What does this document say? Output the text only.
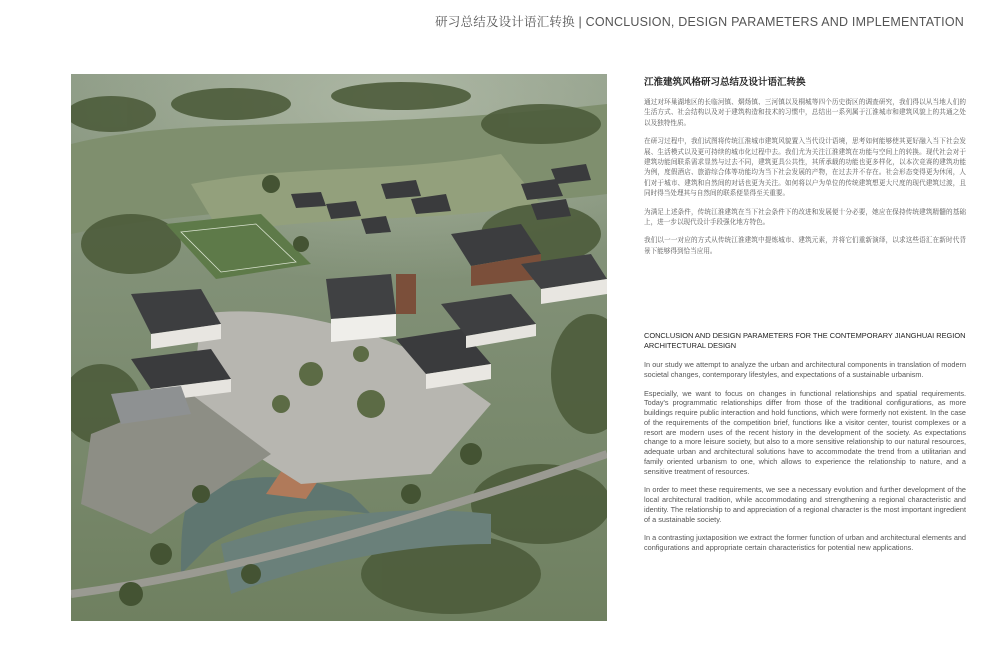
研习总结及设计语汇转换 | CONCLUSION, DESIGN PARAMETERS AND IMPLEMENTATION
江淮建筑风格研习总结及设计语汇转换

通过对环巢湖地区的长临河镇、烔炀镇、三河镇以及桐城等四个历史街区的调查研究，我们得以从当地人们的生活方式、社会结构以及对于建筑构造和技术的习惯中，总结出一系列属于江淮城市和建筑风貌上的共通之处以及独特性质。

在研习过程中，我们试图将传统江淮城市建筑风貌置入当代设计语境，思考如何能够使其更好融入当下社会发展、生活模式以及更可持续的城市化过程中去。我们尤为关注江淮建筑在功能与空间上的转换。现代社会对于建筑功能间联系需求显然与过去不同，建筑更具公共性，其所承载的功能也更多样化，以本次竞赛的建筑功能为例，度假酒店、旅游综合体等功能均为当下社会发展的产物，在过去并不存在。社会形态变得更为休闲，人们对于城市、建筑和自然间的对话也更为关注。如何将以户为单位的传统建筑想更大尺度的现代建筑过渡，且同时得当处理其与自然间的联系便显得至关重要。

为满足上述条件，传统江淮建筑在当下社会条件下的改进和发展便十分必要，她应在保持传统建筑精髓的基础上，进一步以现代设计手段强化地方特色。

我们以一一对应的方式从传统江淮建筑中提炼城市、建筑元素，并将它们重新演绎，以求这些语汇在新时代背景下能够得到恰当应用。

CONCLUSION AND DESIGN PARAMETERS FOR THE CONTEMPORARY JIANGHUAI REGION ARCHITECTURAL DESIGN

In our study we attempt to analyze the urban and architectural components in translation of modern societal changes, contemporary lifestyles, and expectations of a sustainable urbanism.

Especially, we want to focus on changes in functional relationships and spatial requirements. Today's programmatic relationships differ from those of the traditional configurations, as more buildings require public interaction and hold functions, which were formerly not existent. In the case of the requirements of the competition brief, functions like a visitor center, tourist complexes or a resort are modern uses of the recent history in the development of the society. As expectations change to a more leisure society, but also to a more sensitive relationship to our natural resources, adequate urban and architectural solutions have to accommodate the trend from a utilitarian and family oriented urbanism to one, which allows to experience the relationship to nature, and a sensitive treatment of resources.

In order to meet these requirements, we see a necessary evolution and further development of the local architectural tradition, while accommodating and strengthening a regional characteristic and identity. The relationship to and appreciation of a regional character is the most important ingredient of a sustainable society.

In a contrasting juxtaposition we extract the former function of urban and architectural elements and configurations and appropriate certain characteristics for potential new applications.
